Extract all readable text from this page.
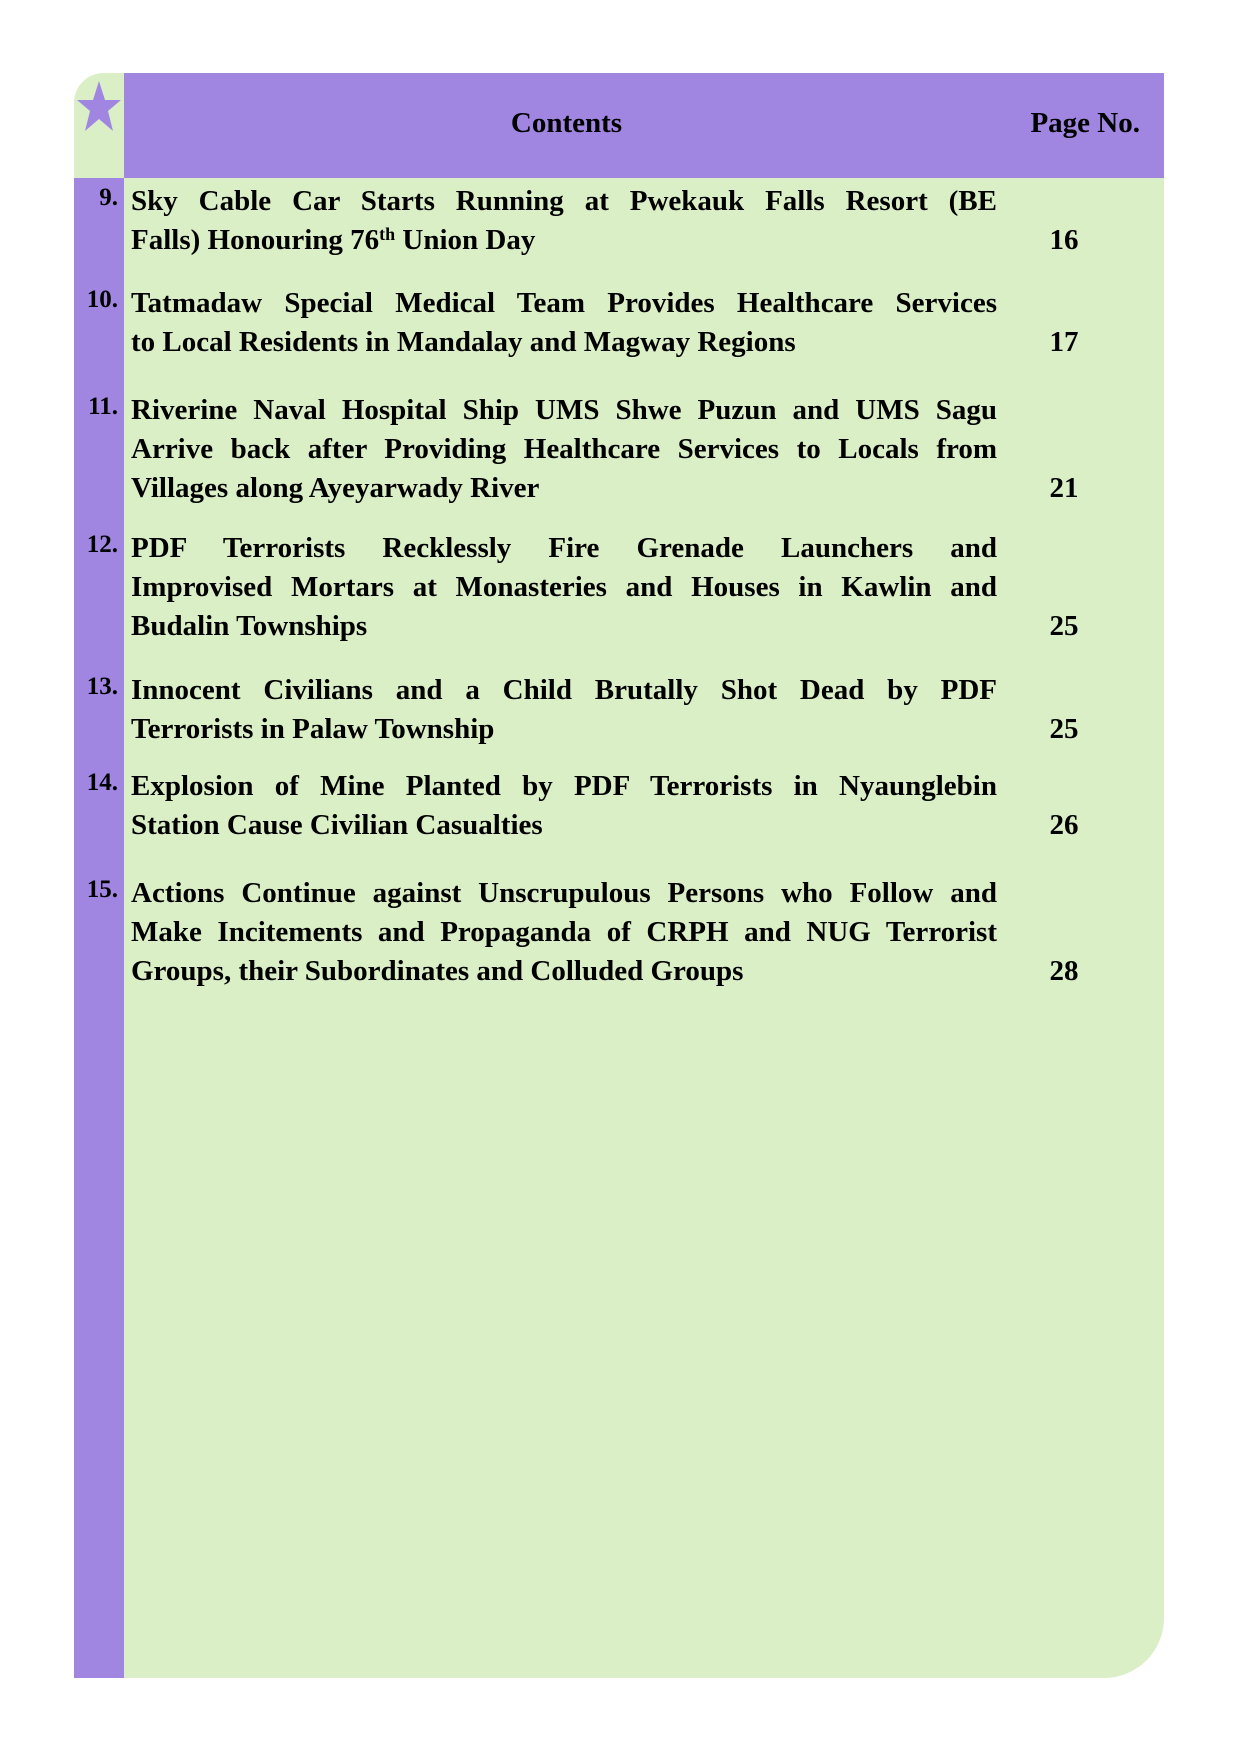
Contents	Page No.
9. Sky Cable Car Starts Running at Pwekauk Falls Resort (BE
Falls) Honouring 76th Union Day	16
10. Tatmadaw Special Medical Team Provides Healthcare Services
to Local Residents in Mandalay and Magway Regions	17
11. Riverine Naval Hospital Ship UMS Shwe Puzun and UMS Sagu
Arrive back after Providing Healthcare Services to Locals from
Villages along Ayeyarwady River	21
12. PDF Terrorists Recklessly Fire Grenade Launchers and
Improvised Mortars at Monasteries and Houses in Kawlin and
Budalin Townships	25
13. Innocent Civilians and a Child Brutally Shot Dead by PDF
Terrorists in Palaw Township	25
14. Explosion of Mine Planted by PDF Terrorists in Nyaunglebin
Station Cause Civilian Casualties	26
15. Actions Continue against Unscrupulous Persons who Follow and
Make Incitements and Propaganda of CRPH and NUG Terrorist
Groups, their Subordinates and Colluded Groups	28
